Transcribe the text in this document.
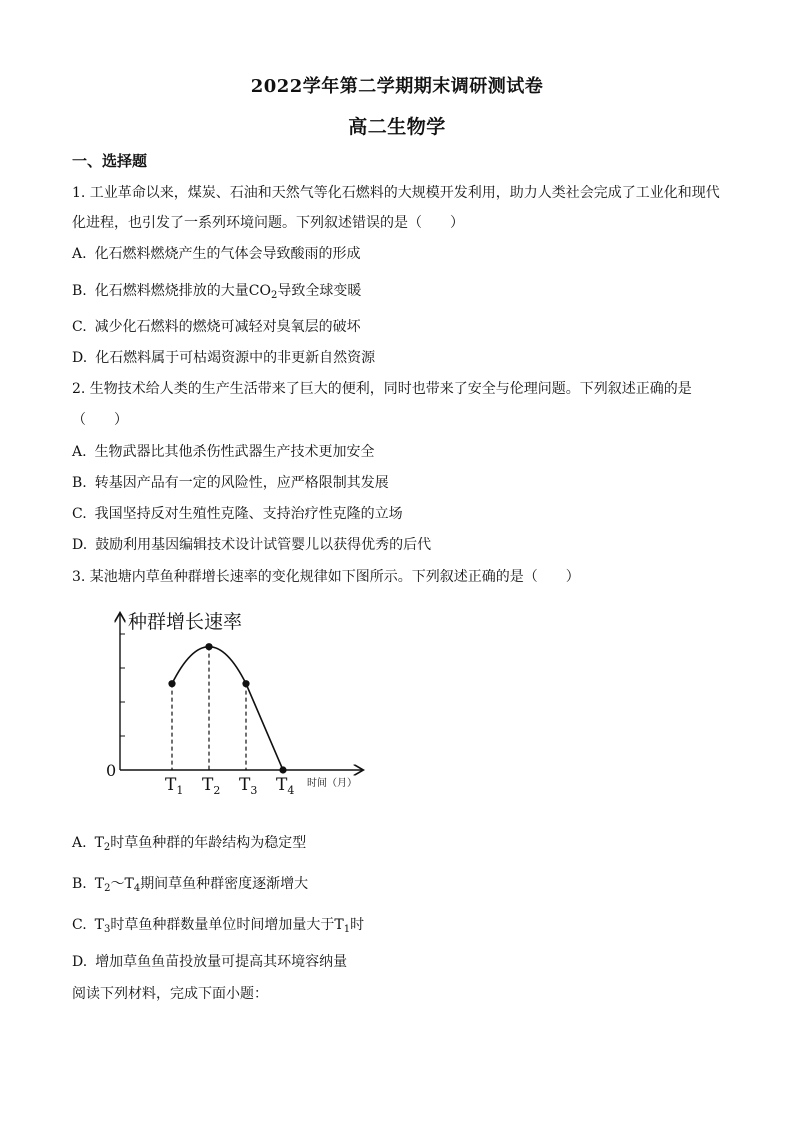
2022学年第二学期期末调研测试卷
高二生物学
一、选择题
1. 工业革命以来，煤炭、石油和天然气等化石燃料的大规模开发利用，助力人类社会完成了工业化和现代
化进程，也引发了一系列环境问题。下列叙述错误的是（　　）
A. 化石燃料燃烧产生的气体会导致酸雨的形成
B. 化石燃料燃烧排放的大量$CO_2$导致全球变暖
C. 减少化石燃料的燃烧可减轻对臭氧层的破坏
D. 化石燃料属于可枯竭资源中的非更新自然资源
2. 生物技术给人类的生产生活带来了巨大的便利，同时也带来了安全与伦理问题。下列叙述正确的是
（　　）
A. 生物武器比其他杀伤性武器生产技术更加安全
B. 转基因产品有一定的风险性，应严格限制其发展
C. 我国坚持反对生殖性克隆、支持治疗性克隆的立场
D. 鼓励利用基因编辑技术设计试管婴儿以获得优秀的后代
3. 某池塘内草鱼种群增长速率的变化规律如下图所示。下列叙述正确的是（　　）
种群增长速率
0
$T_1$ $T_2$ $T_3$ $T_4$
时间（月）
A. $T_2$时草鱼种群的年龄结构为稳定型
B. $T_2\sim T_4$期间草鱼种群密度逐渐增大
C. $T_3$时草鱼种群数量单位时间增加量大于$T_1$时
D. 增加草鱼鱼苗投放量可提高其环境容纳量
阅读下列材料，完成下面小题：
